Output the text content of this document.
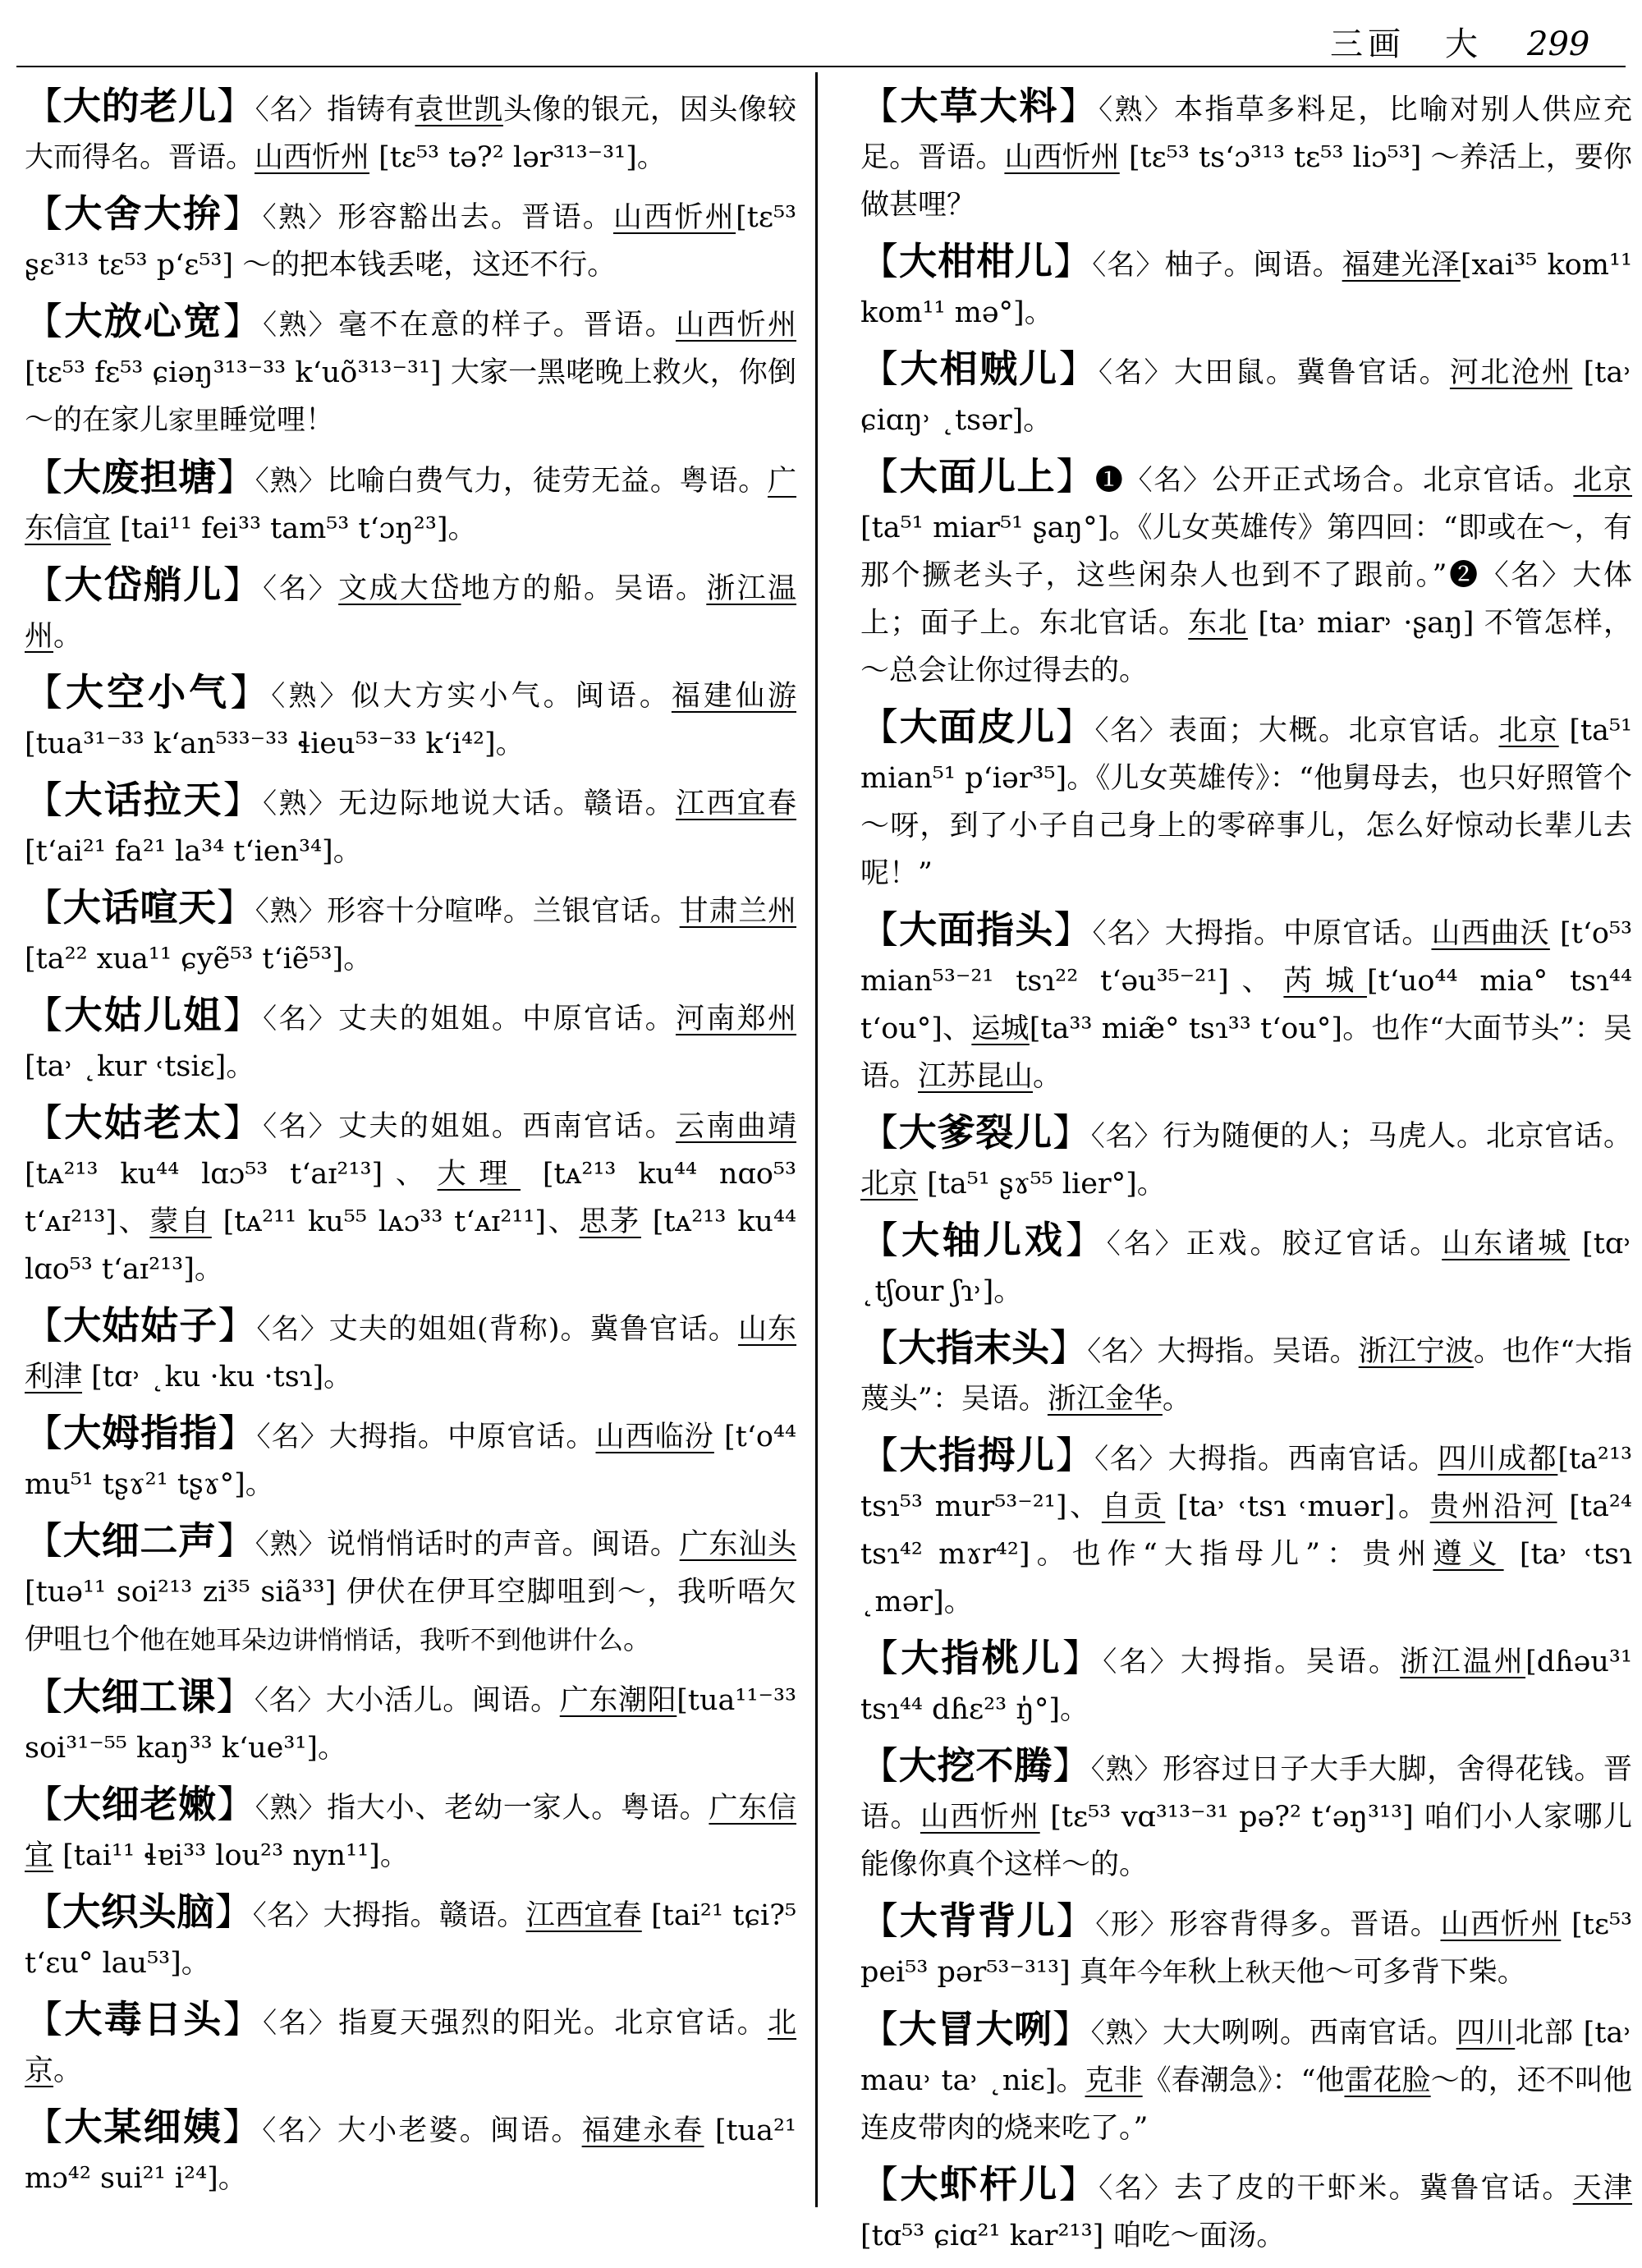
三画 大 299
【大的老儿】〈名〉指铸有袁世凯头像的银元，因头像较大而得名。晋语。山西忻州 [tɛ⁵³ tə?² lər³¹³⁻³¹]。
【大舍大拚】〈熟〉形容豁出去。晋语。山西忻州[tɛ⁵³ ʂɛ³¹³ tɛ⁵³ p‘ɛ⁵³] ～的把本钱丢咾，这还不行。
【大放心宽】〈熟〉毫不在意的样子。晋语。山西忻州 [tɛ⁵³ fɛ⁵³ ɕiəŋ³¹³⁻³³ k‘uõ³¹³⁻³¹] 大家一黑咾晚上救火，你倒～的在家儿家里睡觉哩！
【大废担塘】〈熟〉比喻白费气力，徒劳无益。粤语。广东信宜 [tai¹¹ fei³³ tam⁵³ t‘ɔŋ²³]。
【大岱艄儿】〈名〉文成大岱地方的船。吴语。浙江温州。
【大空小气】〈熟〉似大方实小气。闽语。福建仙游 [tua³¹⁻³³ k‘an⁵³³⁻³³ ɬieu⁵³⁻³³ k‘i⁴²]。
【大话拉天】〈熟〉无边际地说大话。赣语。江西宜春 [t‘ai²¹ fa²¹ la³⁴ t‘ien³⁴]。
【大话喧天】〈熟〉形容十分喧哗。兰银官话。甘肃兰州 [ta²² xua¹¹ ɕyẽ⁵³ t‘iẽ⁵³]。
【大姑儿姐】〈名〉丈夫的姐姐。中原官话。河南郑州 [ta˒ ˛kur ˓tsiɛ]。
【大姑老太】〈名〉丈夫的姐姐。西南官话。云南曲靖 [tᴀ²¹³ ku⁴⁴ lɑɔ⁵³ t‘aɪ²¹³]、大理 [tᴀ²¹³ ku⁴⁴ nɑo⁵³ t‘ᴀɪ²¹³]、蒙自 [tᴀ²¹¹ ku⁵⁵ lᴀɔ³³ t‘ᴀɪ²¹¹]、思茅 [tᴀ²¹³ ku⁴⁴ lɑo⁵³ t‘aɪ²¹³]。
【大姑姑子】〈名〉丈夫的姐姐(背称)。冀鲁官话。山东利津 [tɑ˒ ˛ku ·ku ·tsɿ]。
【大姆指指】〈名〉大拇指。中原官话。山西临汾 [t‘o⁴⁴ mu⁵¹ tʂɤ²¹ tʂɤ°]。
【大细二声】〈熟〉说悄悄话时的声音。闽语。广东汕头 [tuə¹¹ soi²¹³ zi³⁵ siã³³] 伊伏在伊耳空脚咀到～，我听唔欠伊咀乜个他在她耳朵边讲悄悄话，我听不到他讲什么。
【大细工课】〈名〉大小活儿。闽语。广东潮阳[tua¹¹⁻³³ soi³¹⁻⁵⁵ kaŋ³³ k‘ue³¹]。
【大细老嫩】〈熟〉指大小、老幼一家人。粤语。广东信宜 [tai¹¹ ɬɐi³³ lou²³ nyn¹¹]。
【大织头脑】〈名〉大拇指。赣语。江西宜春 [tai²¹ tɕi?⁵ t‘ɛu° lau⁵³]。
【大毒日头】〈名〉指夏天强烈的阳光。北京官话。北京。
【大某细姨】〈名〉大小老婆。闽语。福建永春 [tua²¹ mɔ⁴² sui²¹ i²⁴]。
【大草大料】〈熟〉本指草多料足，比喻对别人供应充足。晋语。山西忻州 [tɛ⁵³ ts‘ɔ³¹³ tɛ⁵³ liɔ⁵³] ～养活上，要你做甚哩？
【大柑柑儿】〈名〉柚子。闽语。福建光泽[xai³⁵ kom¹¹ kom¹¹ mə°]。
【大相贼儿】〈名〉大田鼠。冀鲁官话。河北沧州 [ta˒ ɕiɑŋ˒ ˛tsər]。
【大面儿上】❶〈名〉公开正式场合。北京官话。北京 [ta⁵¹ miar⁵¹ ʂaŋ°]。《儿女英雄传》第四回：“即或在～，有那个撅老头子，这些闲杂人也到不了跟前。”❷〈名〉大体上；面子上。东北官话。东北 [ta˒ miar˒ ·ʂaŋ] 不管怎样，～总会让你过得去的。
【大面皮儿】〈名〉表面；大概。北京官话。北京 [ta⁵¹ mian⁵¹ p‘iər³⁵]。《儿女英雄传》：“他舅母去，也只好照管个～呀，到了小子自己身上的零碎事儿，怎么好惊动长辈儿去呢！”
【大面指头】〈名〉大拇指。中原官话。山西曲沃 [t‘o⁵³ mian⁵³⁻²¹ tsɿ²² t‘əu³⁵⁻²¹]、芮城[t‘uo⁴⁴ mia° tsɿ⁴⁴ t‘ou°]、运城[ta³³ miæ̃° tsɿ³³ t‘ou°]。也作“大面节头”：吴语。江苏昆山。
【大爹裂儿】〈名〉行为随便的人；马虎人。北京官话。北京 [ta⁵¹ ʂɤ⁵⁵ lier°]。
【大轴儿戏】〈名〉正戏。胶辽官话。山东诸城 [tɑ˒ ˛tʃour ʃɿ˒]。
【大指末头】〈名〉大拇指。吴语。浙江宁波。也作“大指蔑头”：吴语。浙江金华。
【大指拇儿】〈名〉大拇指。西南官话。四川成都[ta²¹³ tsɿ⁵³ mur⁵³⁻²¹]、自贡 [ta˒ ˓tsɿ ˓muər]。贵州沿河 [ta²⁴ tsɿ⁴² mɤr⁴²]。也作“大指母儿”：贵州遵义 [ta˒ ˓tsɿ ˛mər]。
【大指桃儿】〈名〉大拇指。吴语。浙江温州[dɦəu³¹ tsɿ⁴⁴ dɦɛ²³ ŋ̍°]。
【大挖不腾】〈熟〉形容过日子大手大脚，舍得花钱。晋语。山西忻州 [tɛ⁵³ vɑ³¹³⁻³¹ pə?² t‘əŋ³¹³] 咱们小人家哪儿能像你真个这样～的。
【大背背儿】〈形〉形容背得多。晋语。山西忻州 [tɛ⁵³ pei⁵³ pər⁵³⁻³¹³] 真年今年秋上秋天他～可多背下柴。
【大冒大咧】〈熟〉大大咧咧。西南官话。四川北部 [ta˒ mau˒ ta˒ ˛niɛ]。克非《春潮急》：“他雷花脸～的，还不叫他连皮带肉的烧来吃了。”
【大虾杆儿】〈名〉去了皮的干虾米。冀鲁官话。天津 [tɑ⁵³ ɕiɑ²¹ kar²¹³] 咱吃～面汤。
